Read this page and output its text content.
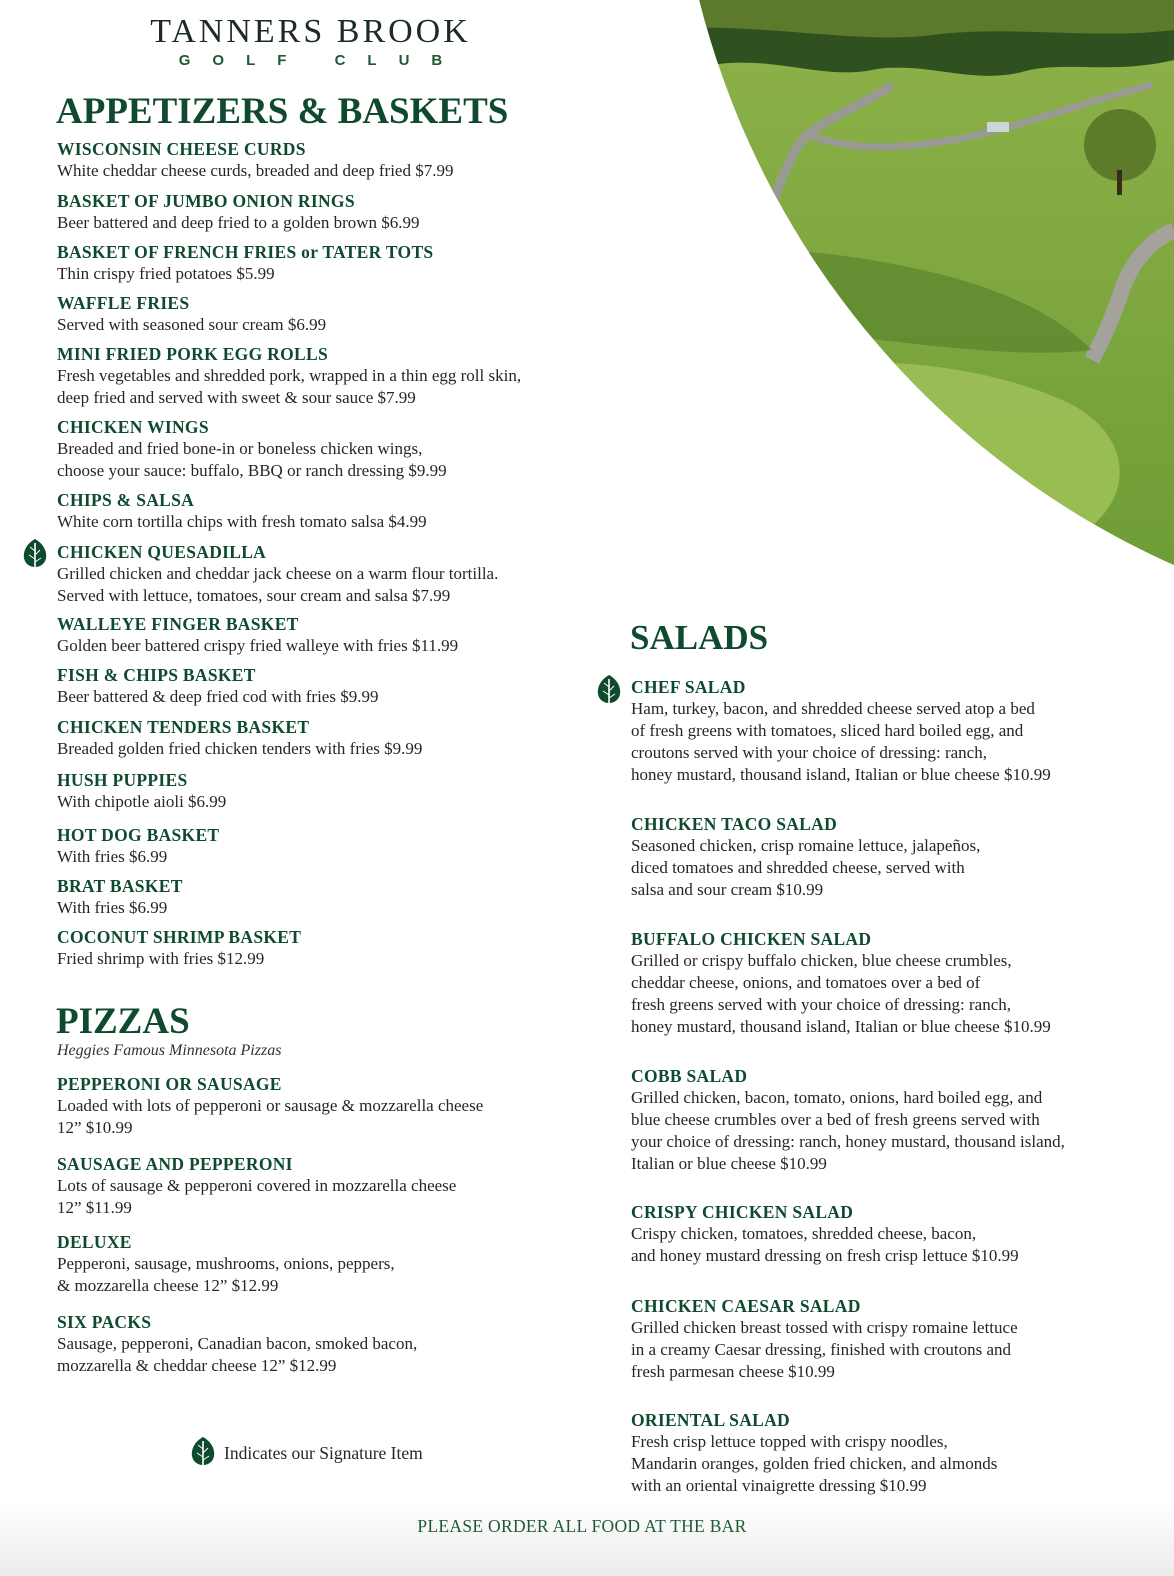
TANNERS BROOK
GOLF CLUB
APPETIZERS & BASKETS
WISCONSIN CHEESE CURDS
White cheddar cheese curds, breaded and deep fried $7.99
BASKET OF JUMBO ONION RINGS
Beer battered and deep fried to a golden brown $6.99
BASKET OF FRENCH FRIES or TATER TOTS
Thin crispy fried potatoes $5.99
WAFFLE FRIES
Served with seasoned sour cream $6.99
MINI FRIED PORK EGG ROLLS
Fresh vegetables and shredded pork, wrapped in a thin egg roll skin,
deep fried and served with sweet & sour sauce $7.99
CHICKEN WINGS
Breaded and fried bone-in or boneless chicken wings,
choose your sauce: buffalo, BBQ or ranch dressing $9.99
CHIPS & SALSA
White corn tortilla chips with fresh tomato salsa $4.99
CHICKEN QUESADILLA
Grilled chicken and cheddar jack cheese on a warm flour tortilla.
Served with lettuce, tomatoes, sour cream and salsa $7.99
WALLEYE FINGER BASKET
Golden beer battered crispy fried walleye with fries $11.99
FISH & CHIPS BASKET
Beer battered & deep fried cod with fries $9.99
CHICKEN TENDERS BASKET
Breaded golden fried chicken tenders with fries $9.99
HUSH PUPPIES
With chipotle aioli $6.99
HOT DOG BASKET
With fries $6.99
BRAT BASKET
With fries $6.99
COCONUT SHRIMP BASKET
Fried shrimp with fries $12.99
PIZZAS
Heggies Famous Minnesota Pizzas
PEPPERONI OR SAUSAGE
Loaded with lots of pepperoni or sausage & mozzarella cheese
12” $10.99
SAUSAGE AND PEPPERONI
Lots of sausage & pepperoni covered in mozzarella cheese
12” $11.99
DELUXE
Pepperoni, sausage, mushrooms, onions, peppers,
& mozzarella cheese 12” $12.99
SIX PACKS
Sausage, pepperoni, Canadian bacon, smoked bacon,
mozzarella & cheddar cheese 12” $12.99
Indicates our Signature Item
SALADS
CHEF SALAD
Ham, turkey, bacon, and shredded cheese served atop a bed
of fresh greens with tomatoes, sliced hard boiled egg, and
croutons served with your choice of dressing: ranch,
honey mustard, thousand island, Italian or blue cheese $10.99
CHICKEN TACO SALAD
Seasoned chicken, crisp romaine lettuce, jalapeños,
diced tomatoes and shredded cheese, served with
salsa and sour cream $10.99
BUFFALO CHICKEN SALAD
Grilled or crispy buffalo chicken, blue cheese crumbles,
cheddar cheese, onions, and tomatoes over a bed of
fresh greens served with your choice of dressing: ranch,
honey mustard, thousand island, Italian or blue cheese $10.99
COBB SALAD
Grilled chicken, bacon, tomato, onions, hard boiled egg, and
blue cheese crumbles over a bed of fresh greens served with
your choice of dressing: ranch, honey mustard, thousand island,
Italian or blue cheese $10.99
CRISPY CHICKEN SALAD
Crispy chicken, tomatoes, shredded cheese, bacon,
and honey mustard dressing on fresh crisp lettuce $10.99
CHICKEN CAESAR SALAD
Grilled chicken breast tossed with crispy romaine lettuce
in a creamy Caesar dressing, finished with croutons and
fresh parmesan cheese $10.99
ORIENTAL SALAD
Fresh crisp lettuce topped with crispy noodles,
Mandarin oranges, golden fried chicken, and almonds
with an oriental vinaigrette dressing $10.99
PLEASE ORDER ALL FOOD AT THE BAR
